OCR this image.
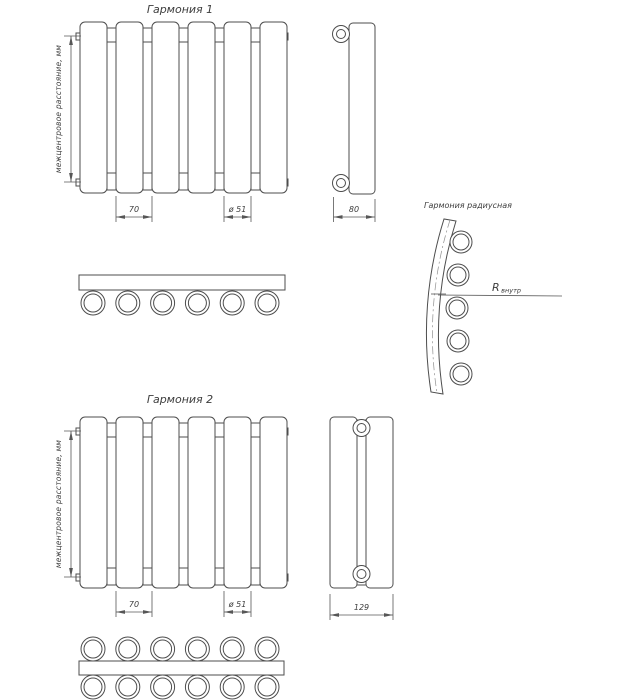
Гармония 1
межцентровое расстояние, мм
70	ø 51	80	Гармония радиусная
Rвнутр
Гармония 2
межцентровое расстояние, мм
70	ø 51	129
